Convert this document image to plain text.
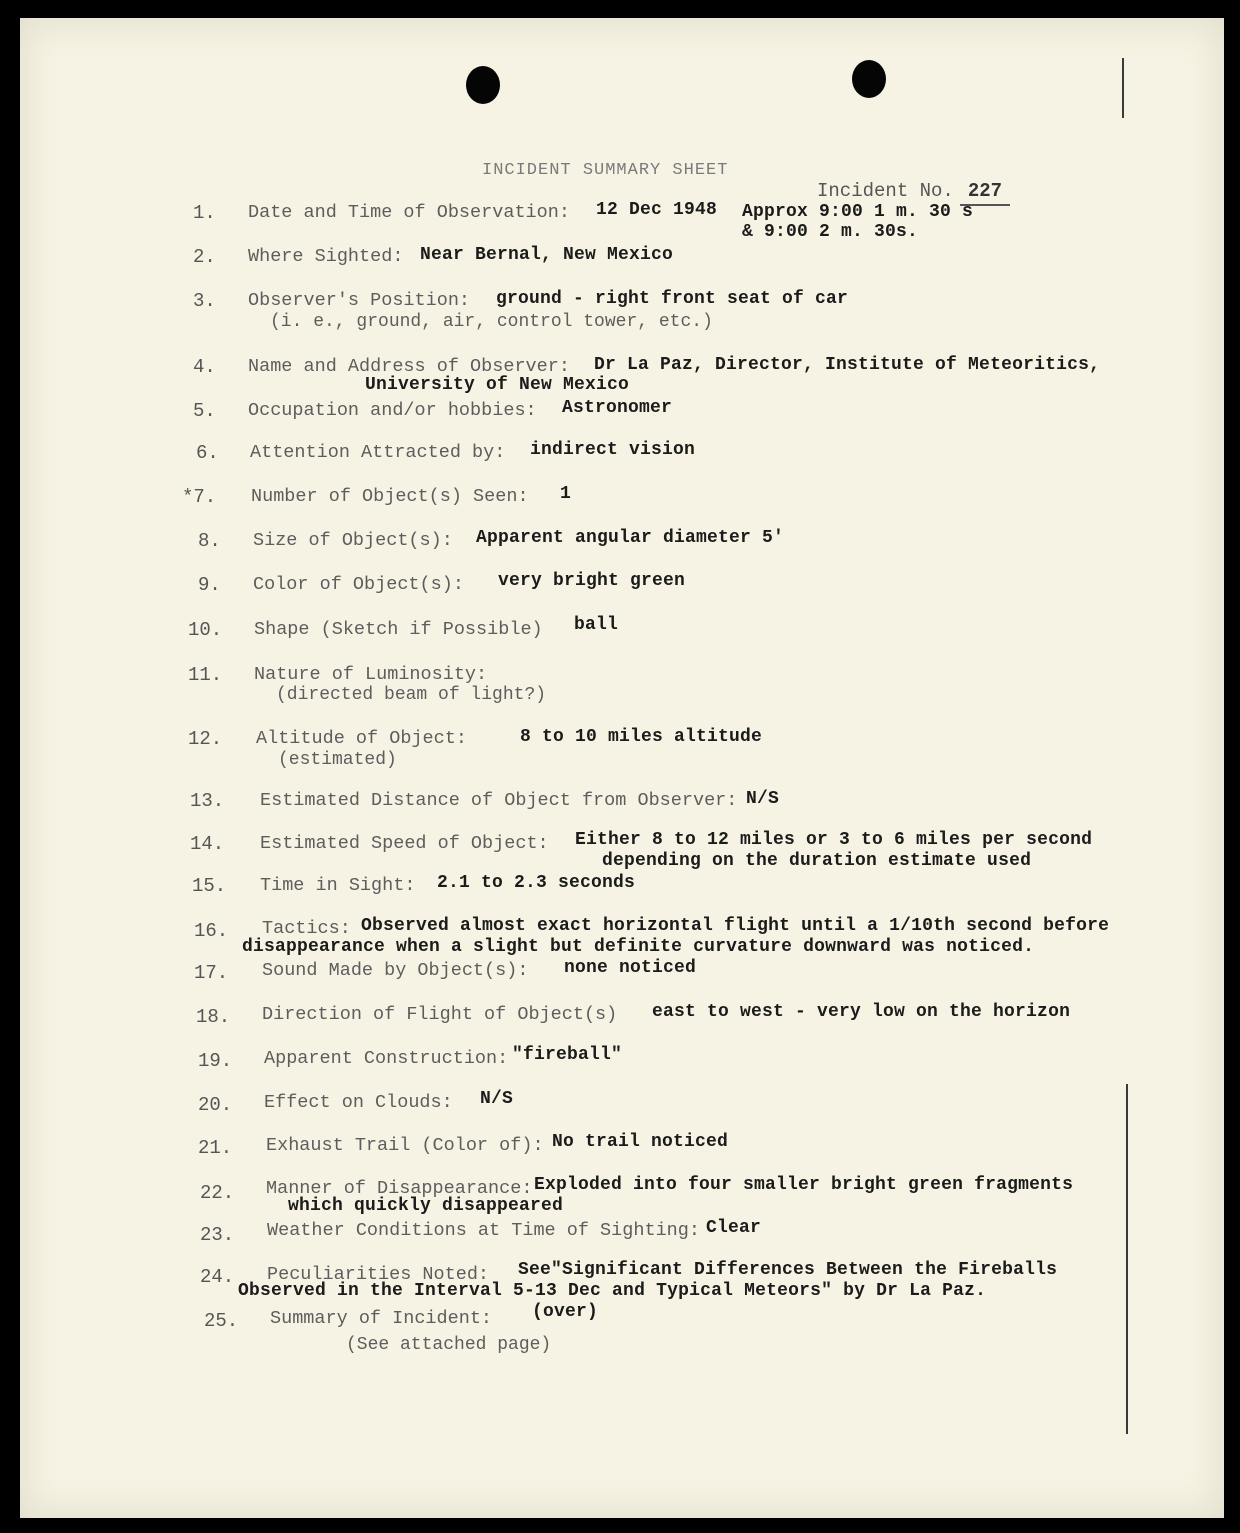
INCIDENT SUMMARY SHEET
Incident No. 227
1. Date and Time of Observation: 12 Dec 1948 Approx 9:00 1 m. 30 s
& 9:00 2 m. 30s.
2. Where Sighted: Near Bernal, New Mexico
3. Observer's Position: ground - right front seat of car
(i. e., ground, air, control tower, etc.)
4. Name and Address of Observer: Dr La Paz, Director, Institute of Meteoritics,
University of New Mexico
5. Occupation and/or hobbies: Astronomer
6. Attention Attracted by: indirect vision
*7. Number of Object(s) Seen: 1
8. Size of Object(s): Apparent angular diameter 5'
9. Color of Object(s): very bright green
10. Shape (Sketch if Possible) ball
11. Nature of Luminosity:
(directed beam of light?)
12. Altitude of Object:	8 to 10 miles altitude
(estimated)
13. Estimated Distance of Object from Observer: N/S
14. Estimated Speed of Object: Either 8 to 12 miles or 3 to 6 miles per second
depending on the duration estimate used
15. Time in Sight: 2.1 to 2.3 seconds
16. Tactics: Observed almost exact horizontal flight until a 1/10th second before
disappearance when a slight but definite curvature downward was noticed.
17. Sound Made by Object(s): none noticed
18. Direction of Flight of Object(s) east to west - very low on the horizon
19. Apparent Construction: "fireball"
20. Effect on Clouds: N/S
21. Exhaust Trail (Color of): No trail noticed
22. Manner of Disappearance: Exploded into four smaller bright green fragments
which quickly disappeared
23. Weather Conditions at Time of Sighting: Clear
24. Peculiarities Noted: See"Significant Differences Between the Fireballs
Observed in the Interval 5-13 Dec and Typical Meteors" by Dr La Paz.
25. Summary of Incident: (over)
(See attached page)
